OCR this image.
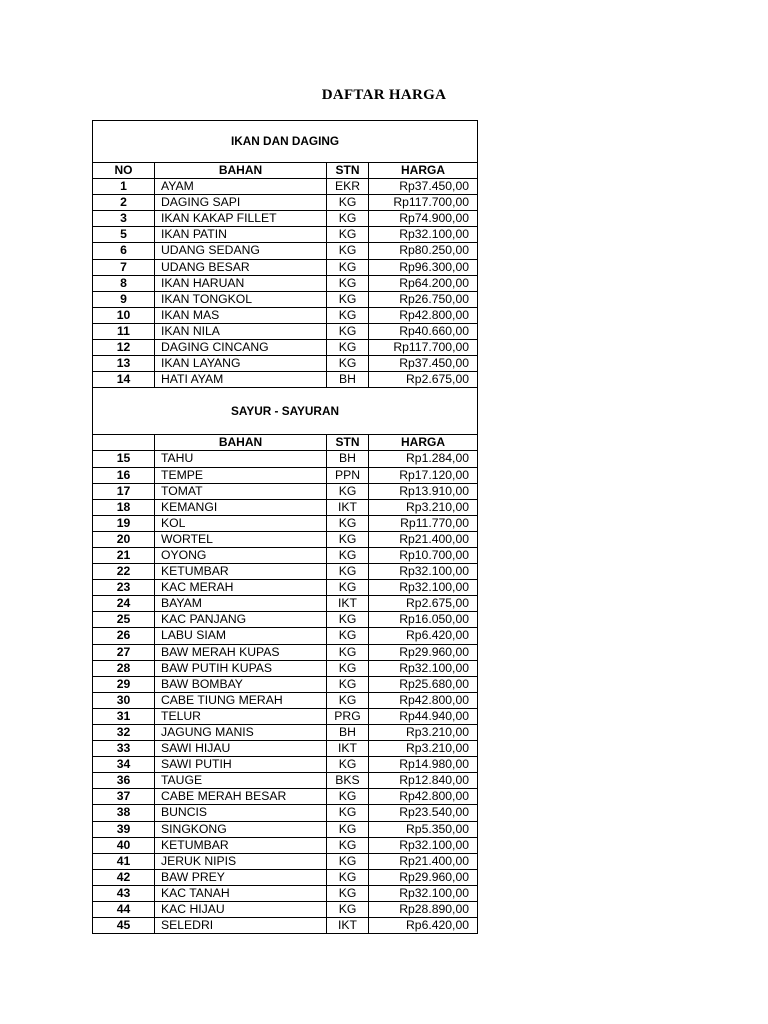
DAFTAR HARGA
IKAN DAN DAGING			
NO	BAHAN	STN	HARGA
1	AYAM	EKR	Rp37.450,00
2	DAGING SAPI	KG	Rp117.700,00
3	IKAN KAKAP FILLET	KG	Rp74.900,00
5	IKAN PATIN	KG	Rp32.100,00
6	UDANG SEDANG	KG	Rp80.250,00
7	UDANG BESAR	KG	Rp96.300,00
8	IKAN HARUAN	KG	Rp64.200,00
9	IKAN TONGKOL	KG	Rp26.750,00
10	IKAN MAS	KG	Rp42.800,00
11	IKAN NILA	KG	Rp40.660,00
12	DAGING CINCANG	KG	Rp117.700,00
13	IKAN LAYANG	KG	Rp37.450,00
14	HATI AYAM	BH	Rp2.675,00
SAYUR - SAYURAN			
	BAHAN	STN	HARGA
15	TAHU	BH	Rp1.284,00
16	TEMPE	PPN	Rp17.120,00
17	TOMAT	KG	Rp13.910,00
18	KEMANGI	IKT	Rp3.210,00
19	KOL	KG	Rp11.770,00
20	WORTEL	KG	Rp21.400,00
21	OYONG	KG	Rp10.700,00
22	KETUMBAR	KG	Rp32.100,00
23	KAC MERAH	KG	Rp32.100,00
24	BAYAM	IKT	Rp2.675,00
25	KAC PANJANG	KG	Rp16.050,00
26	LABU SIAM	KG	Rp6.420,00
27	BAW MERAH KUPAS	KG	Rp29.960,00
28	BAW PUTIH KUPAS	KG	Rp32.100,00
29	BAW BOMBAY	KG	Rp25.680,00
30	CABE TIUNG MERAH	KG	Rp42.800,00
31	TELUR	PRG	Rp44.940,00
32	JAGUNG MANIS	BH	Rp3.210,00
33	SAWI HIJAU	IKT	Rp3.210,00
34	SAWI PUTIH	KG	Rp14.980,00
36	TAUGE	BKS	Rp12.840,00
37	CABE MERAH BESAR	KG	Rp42.800,00
38	BUNCIS	KG	Rp23.540,00
39	SINGKONG	KG	Rp5.350,00
40	KETUMBAR	KG	Rp32.100,00
41	JERUK NIPIS	KG	Rp21.400,00
42	BAW PREY	KG	Rp29.960,00
43	KAC TANAH	KG	Rp32.100,00
44	KAC HIJAU	KG	Rp28.890,00
45	SELEDRI	IKT	Rp6.420,00
